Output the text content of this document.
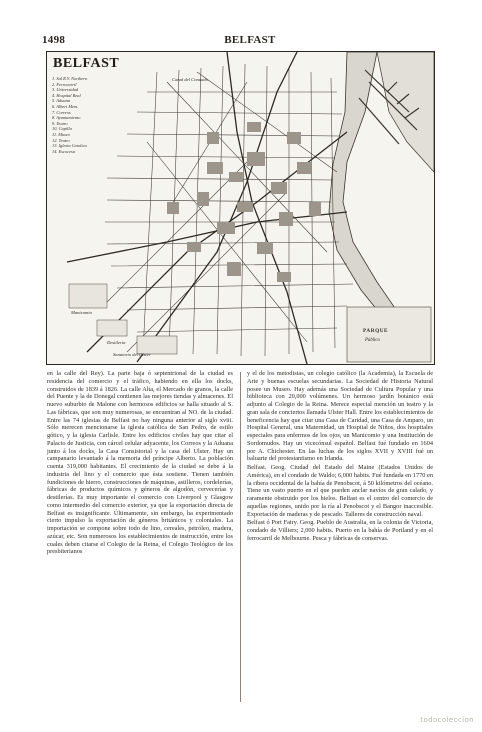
1498	BELFAST
BELFAST
1. Sal R.Y. Northern
2. Ferrocarril
3. Universidad
4. Hospital Real
5. Aduana
6. Albert Mem.
7. Correos
8. Ayuntamiento
9. Teatro
10. Capilla
11. Museo
12. Teatro
13. Iglesia Catolica
14. Escocesa
Canal del Condado
Manicomio
Destileria
Sanatorio del Ulster
PARQUE
Público

en la calle del Rey). La parte baja ó septentrional de la ciudad es residencia del comercio y el tráfico, habiendo en ella los docks, construidos de 1839 á 1826. La calle Alta, el Mercado de granos, la calle del Puente y la de Donegal contienen las mejores tiendas y almacenes. El nuevo suburbio de Malone con hermosos edificios se halla situado al S. Las fábricas, que son muy numerosas, se encuentran al NO. de la ciudad. Entre las 74 iglesias de Belfast no hay ninguna anterior al siglo xviii. Sólo merecen mencionarse la iglesia católica de San Pedro, de estilo gótico, y la iglesia Carlisle. Entre los edificios civiles hay que citar el Palacio de Justicia, con cárcel celular adyacente, los Correos y la Aduana junto á los docks, la Casa Consistorial y la casa del Ulster. Hay un campanario levantado á la memoria del príncipe Alberto. La población cuenta 319,000 habitantes. El crecimiento de la ciudad se debe á la industria del lino y el comercio que ésta sostiene. Tienen también fundiciones de hierro, construcciones de máquinas, astilleros, cordelerías, fábricas de productos químicos y géneros de algodón, cervecerías y destilerías. Es muy importante el comercio con Liverpool y Glasgow como intermedio del comercio exterior, ya que la exportación directa de Belfast es insignificante. Últimamente, sin embargo, ha experimentado cierto impulso la exportación de géneros británicos y coloniales. La importación se compone sobre todo de lino, cereales, petróleo, madera, azúcar, etc. Son numerosos los establecimientos de instrucción, entre los cuales deben citarse el Colegio de la Reina, el Colegio Teológico de los presbiterianos

y el de los metodistas, un colegio católico (la Academia), la Escuela de Arte y buenas escuelas secundarias. La Sociedad de Historia Natural posee un Museo. Hay además una Sociedad de Cultura Popular y una biblioteca con 20,000 volúmenes. Un hermoso jardín botánico está adjunto al Colegio de la Reina. Merece especial mención un teatro y la gran sala de conciertos llamada Ulster Hall. Entre los establecimientos de beneficencia hay que citar una Casa de Caridad, una Casa de Amparo, un Hospital General, una Maternidad, un Hospital de Niños, dos hospitales especiales para enfermos de los ojos, un Manicomio y una Institución de Sordomudos. Hay un vicecónsul español. Belfast fué fundado en 1604 por A. Chichester. En las luchas de los siglos XVII y XVIII fué un baluarte del protestantismo en Irlanda.

Belfast. Geog. Ciudad del Estado del Maine (Estados Unidos de América), en el condado de Waldo; 6,000 habits. Fué fundada en 1770 en la ribera occidental de la bahía de Penobscot, á 50 kilómetros del océano. Tiene un vasto puerto en el que pueden anclar navíos de gran calado, y raramente obstruido por los hielos. Belfast es el centro del comercio de aquellas regiones, unido por la ría al Penobscot y el Bangor inaccesible. Exportación de maderas y de pescado. Talleres de construcción naval.

Belfast ó Port Fairy. Geog. Pueblo de Australia, en la colonia de Victoria, condado de Villiers; 2,000 habits. Puerto en la bahía de Portland y en el ferrocarril de Melbourne. Pesca y fábricas de conservas.

todocoleccion
